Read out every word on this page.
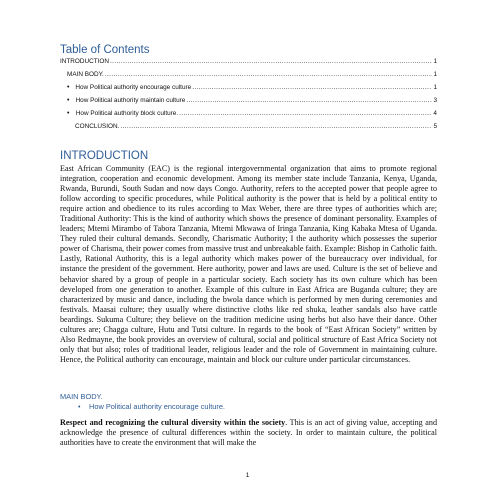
Table of Contents
INTRODUCTION .....	1
MAIN BODY. .....	1
• How Political authority encourage culture .....	1
• How Political authority maintain culture .....	3
• How Political authority block culture. .....	4
CONCLUSION. .....	5
INTRODUCTION
East African Community (EAC) is the regional intergovernmental organization that aims to promote regional integration, cooperation and economic development. Among its member state include Tanzania, Kenya, Uganda, Rwanda, Burundi, South Sudan and now days Congo. Authority, refers to the accepted power that people agree to follow according to specific procedures, while Political authority is the power that is held by a political entity to require action and obedience to its rules according to Max Weber, there are three types of authorities which are; Traditional Authority: This is the kind of authority which shows the presence of dominant personality. Examples of leaders; Mtemi Mirambo of Tabora Tanzania, Mtemi Mkwawa of Iringa Tanzania, King Kabaka Mtesa of Uganda. They ruled their cultural demands. Secondly, Charismatic Authority; I the authority which possesses the superior power of Charisma, their power comes from massive trust and unbreakable faith. Example: Bishop in Catholic faith. Lastly, Rational Authority, this is a legal authority which makes power of the bureaucracy over individual, for instance the president of the government. Here authority, power and laws are used. Culture is the set of believe and behavior shared by a group of people in a particular society. Each society has its own culture which has been developed from one generation to another. Example of this culture in East Africa are Buganda culture; they are characterized by music and dance, including the bwola dance which is performed by men during ceremonies and festivals. Maasai culture; they usually where distinctive cloths like red shuka, leather sandals also have cattle beardings. Sukuma Culture; they believe on the tradition medicine using herbs but also have their dance. Other cultures are; Chagga culture, Hutu and Tutsi culture. In regards to the book of “East African Society” written by Also Redmayne, the book provides an overview of cultural, social and political structure of East Africa Society not only that but also; roles of traditional leader, religious leader and the role of Government in maintaining culture. Hence, the Political authority can encourage, maintain and block our culture under particular circumstances.
MAIN BODY.
•	How Political authority encourage culture.
Respect and recognizing the cultural diversity within the society. This is an act of giving value, accepting and acknowledge the presence of cultural differences within the society. In order to maintain culture, the political authorities have to create the environment that will make the
1
